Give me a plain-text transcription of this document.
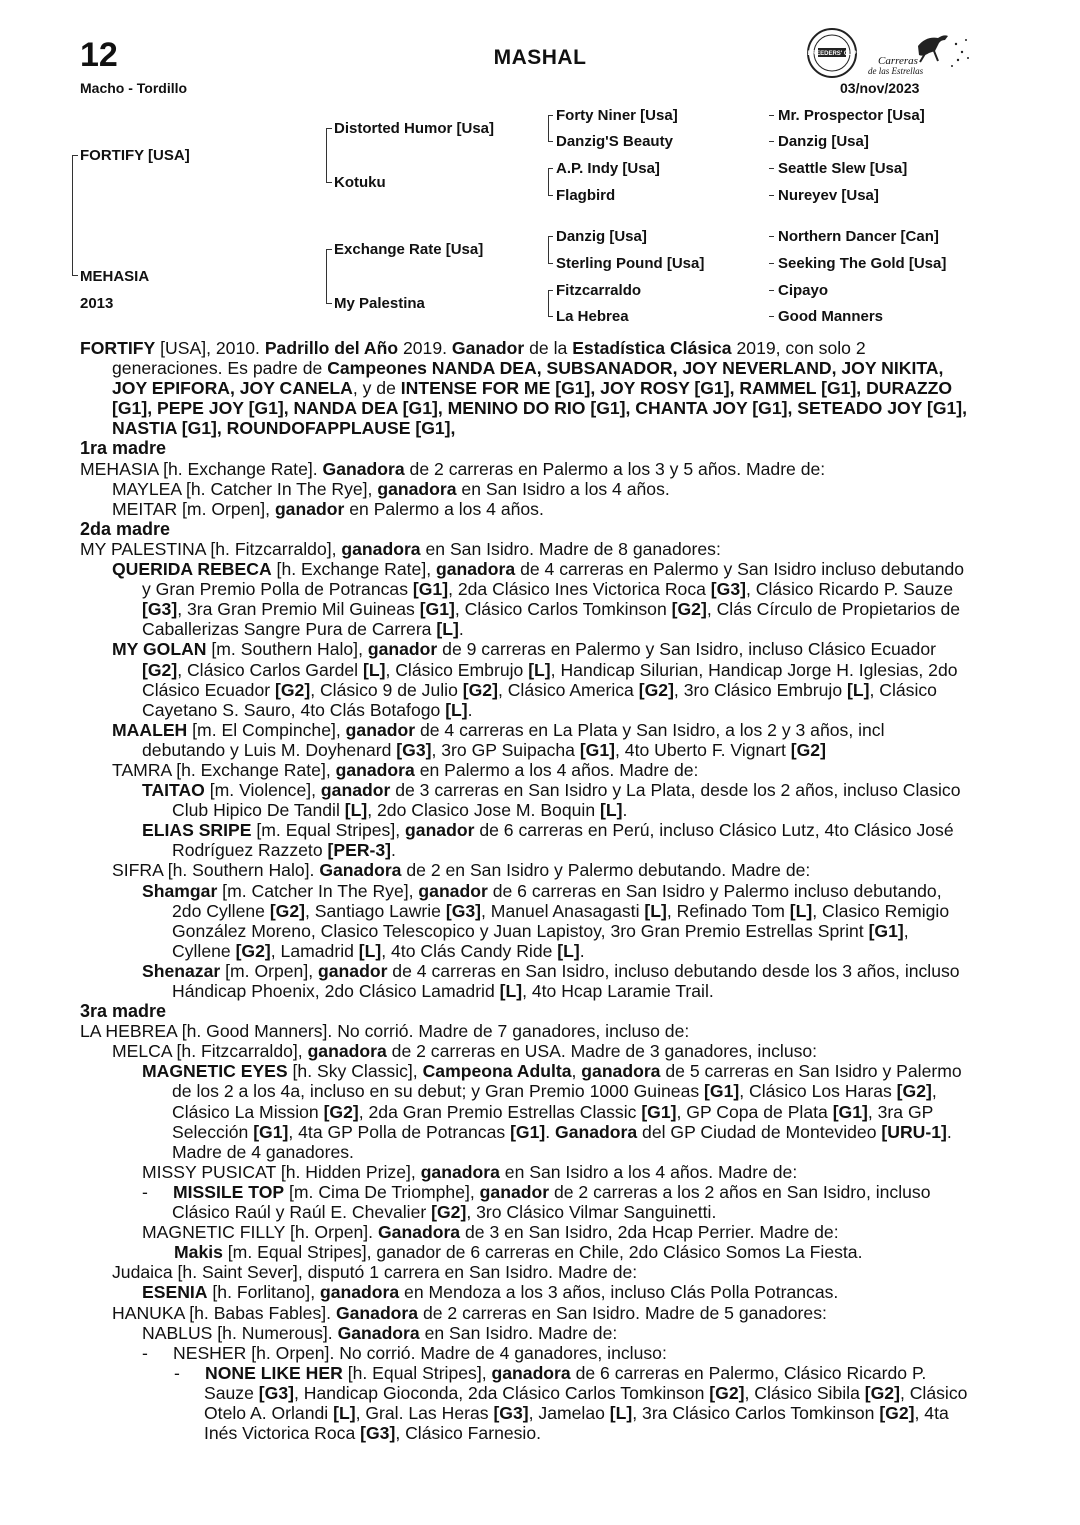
12	MASHAL
Macho - Tordillo	03/nov/2023
BREEDERS' CUP
Carreras
de las Estrellas
FORTIFY [USA]
MEHASIA
2013
Distorted Humor [Usa]
Kotuku
Exchange Rate [Usa]
My Palestina
Forty Niner [Usa]
Danzig'S Beauty
A.P. Indy [Usa]
Flagbird
Danzig [Usa]
Sterling Pound [Usa]
Fitzcarraldo
La Hebrea
Mr. Prospector [Usa]
Danzig [Usa]
Seattle Slew [Usa]
Nureyev [Usa]
Northern Dancer [Can]
Seeking The Gold [Usa]
Cipayo
Good Manners

FORTIFY [USA], 2010. Padrillo del Año 2019. Ganador de la Estadística Clásica 2019, con solo 2 generaciones. Es padre de Campeones NANDA DEA, SUBSANADOR, JOY NEVERLAND, JOY NIKITA, JOY EPIFORA, JOY CANELA, y de INTENSE FOR ME [G1], JOY ROSY [G1], RAMMEL [G1], DURAZZO [G1], PEPE JOY [G1], NANDA DEA [G1], MENINO DO RIO [G1], CHANTA JOY [G1], SETEADO JOY [G1], NASTIA [G1], ROUNDOFAPPLAUSE [G1],

1ra madre

MEHASIA [h. Exchange Rate]. Ganadora de 2 carreras en Palermo a los 3 y 5 años. Madre de:

MAYLEA [h. Catcher In The Rye], ganadora en San Isidro a los 4 años.

MEITAR [m. Orpen], ganador en Palermo a los 4 años.

2da madre

MY PALESTINA [h. Fitzcarraldo], ganadora en San Isidro. Madre de 8 ganadores:

QUERIDA REBECA [h. Exchange Rate], ganadora de 4 carreras en Palermo y San Isidro incluso debutando y Gran Premio Polla de Potrancas [G1], 2da Clásico Ines Victorica Roca [G3], Clásico Ricardo P. Sauze [G3], 3ra Gran Premio Mil Guineas [G1], Clásico Carlos Tomkinson [G2], Clás Círculo de Propietarios de Caballerizas Sangre Pura de Carrera [L].

MY GOLAN [m. Southern Halo], ganador de 9 carreras en Palermo y San Isidro, incluso Clásico Ecuador [G2], Clásico Carlos Gardel [L], Clásico Embrujo [L], Handicap Silurian, Handicap Jorge H. Iglesias, 2do Clásico Ecuador [G2], Clásico 9 de Julio [G2], Clásico America [G2], 3ro Clásico Embrujo [L], Clásico Cayetano S. Sauro, 4to Clás Botafogo [L].

MAALEH [m. El Compinche], ganador de 4 carreras en La Plata y San Isidro, a los 2 y 3 años, incl debutando y Luis M. Doyhenard [G3], 3ro GP Suipacha [G1], 4to Uberto F. Vignart [G2]

TAMRA [h. Exchange Rate], ganadora en Palermo a los 4 años. Madre de:

TAITAO [m. Violence], ganador de 3 carreras en San Isidro y La Plata, desde los 2 años, incluso Clasico Club Hipico De Tandil [L], 2do Clasico Jose M. Boquin [L].

ELIAS SRIPE [m. Equal Stripes], ganador de 6 carreras en Perú, incluso Clásico Lutz, 4to Clásico José Rodríguez Razzeto [PER-3].

SIFRA [h. Southern Halo]. Ganadora de 2 en San Isidro y Palermo debutando. Madre de:

Shamgar [m. Catcher In The Rye], ganador de 6 carreras en San Isidro y Palermo incluso debutando, 2do Cyllene [G2], Santiago Lawrie [G3], Manuel Anasagasti [L], Refinado Tom [L], Clasico Remigio González Moreno, Clasico Telescopico y Juan Lapistoy, 3ro Gran Premio Estrellas Sprint [G1], Cyllene [G2], Lamadrid [L], 4to Clás Candy Ride [L].

Shenazar [m. Orpen], ganador de 4 carreras en San Isidro, incluso debutando desde los 3 años, incluso Hándicap Phoenix, 2do Clásico Lamadrid [L], 4to Hcap Laramie Trail.

3ra madre

LA HEBREA [h. Good Manners]. No corrió. Madre de 7 ganadores, incluso de:

MELCA [h. Fitzcarraldo], ganadora de 2 carreras en USA. Madre de 3 ganadores, incluso:

MAGNETIC EYES [h. Sky Classic], Campeona Adulta, ganadora de 5 carreras en San Isidro y Palermo de los 2 a los 4a, incluso en su debut; y Gran Premio 1000 Guineas [G1], Clásico Los Haras [G2], Clásico La Mission [G2], 2da Gran Premio Estrellas Classic [G1], GP Copa de Plata [G1], 3ra GP Selección [G1], 4ta GP Polla de Potrancas [G1]. Ganadora del GP Ciudad de Montevideo [URU-1]. Madre de 4 ganadores.

MISSY PUSICAT [h. Hidden Prize], ganadora en San Isidro a los 4 años. Madre de:

- MISSILE TOP [m. Cima De Triomphe], ganador de 2 carreras a los 2 años en San Isidro, incluso Clásico Raúl y Raúl E. Chevalier [G2], 3ro Clásico Vilmar Sanguinetti.

MAGNETIC FILLY [h. Orpen]. Ganadora de 3 en San Isidro, 2da Hcap Perrier. Madre de:

Makis [m. Equal Stripes], ganador de 6 carreras en Chile, 2do Clásico Somos La Fiesta.

Judaica [h. Saint Sever], disputó 1 carrera en San Isidro. Madre de:

ESENIA [h. Forlitano], ganadora en Mendoza a los 3 años, incluso Clás Polla Potrancas.

HANUKA [h. Babas Fables]. Ganadora de 2 carreras en San Isidro. Madre de 5 ganadores:

NABLUS [h. Numerous]. Ganadora en San Isidro. Madre de:

- NESHER [h. Orpen]. No corrió. Madre de 4 ganadores, incluso:

- NONE LIKE HER [h. Equal Stripes], ganadora de 6 carreras en Palermo, Clásico Ricardo P. Sauze [G3], Handicap Gioconda, 2da Clásico Carlos Tomkinson [G2], Clásico Sibila [G2], Clásico Otelo A. Orlandi [L], Gral. Las Heras [G3], Jamelao [L], 3ra Clásico Carlos Tomkinson [G2], 4ta Inés Victorica Roca [G3], Clásico Farnesio.
